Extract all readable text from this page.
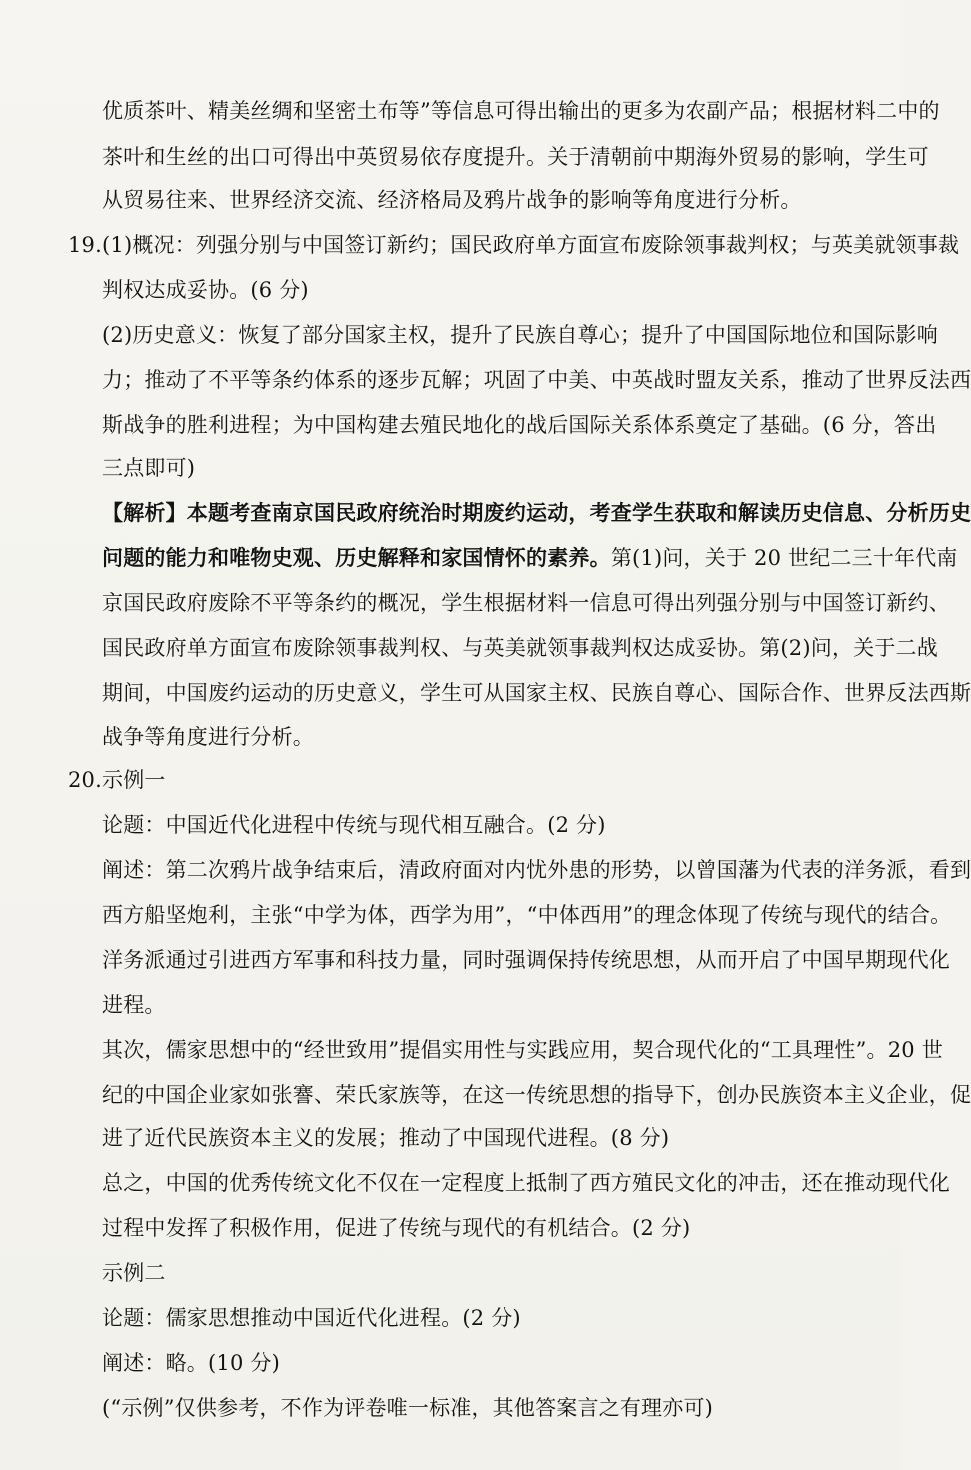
优质茶叶、精美丝绸和坚密土布等”等信息可得出输出的更多为农副产品；根据材料二中的
茶叶和生丝的出口可得出中英贸易依存度提升。关于清朝前中期海外贸易的影响，学生可
从贸易往来、世界经济交流、经济格局及鸦片战争的影响等角度进行分析。
19.(1)概况：列强分别与中国签订新约；国民政府单方面宣布废除领事裁判权；与英美就领事裁
判权达成妥协。(6 分)
(2)历史意义：恢复了部分国家主权，提升了民族自尊心；提升了中国国际地位和国际影响
力；推动了不平等条约体系的逐步瓦解；巩固了中美、中英战时盟友关系，推动了世界反法西
斯战争的胜利进程；为中国构建去殖民地化的战后国际关系体系奠定了基础。(6 分，答出
三点即可)
【解析】本题考查南京国民政府统治时期废约运动，考查学生获取和解读历史信息、分析历史
问题的能力和唯物史观、历史解释和家国情怀的素养。第(1)问，关于 20 世纪二三十年代南
京国民政府废除不平等条约的概况，学生根据材料一信息可得出列强分别与中国签订新约、
国民政府单方面宣布废除领事裁判权、与英美就领事裁判权达成妥协。第(2)问，关于二战
期间，中国废约运动的历史意义，学生可从国家主权、民族自尊心、国际合作、世界反法西斯
战争等角度进行分析。
20.示例一
论题：中国近代化进程中传统与现代相互融合。(2 分)
阐述：第二次鸦片战争结束后，清政府面对内忧外患的形势，以曾国藩为代表的洋务派，看到
西方船坚炮利，主张“中学为体，西学为用”，“中体西用”的理念体现了传统与现代的结合。
洋务派通过引进西方军事和科技力量，同时强调保持传统思想，从而开启了中国早期现代化
进程。
其次，儒家思想中的“经世致用”提倡实用性与实践应用，契合现代化的“工具理性”。20 世
纪的中国企业家如张謇、荣氏家族等，在这一传统思想的指导下，创办民族资本主义企业，促
进了近代民族资本主义的发展；推动了中国现代进程。(8 分)
总之，中国的优秀传统文化不仅在一定程度上抵制了西方殖民文化的冲击，还在推动现代化
过程中发挥了积极作用，促进了传统与现代的有机结合。(2 分)
示例二
论题：儒家思想推动中国近代化进程。(2 分)
阐述：略。(10 分)
(“示例”仅供参考，不作为评卷唯一标准，其他答案言之有理亦可)
